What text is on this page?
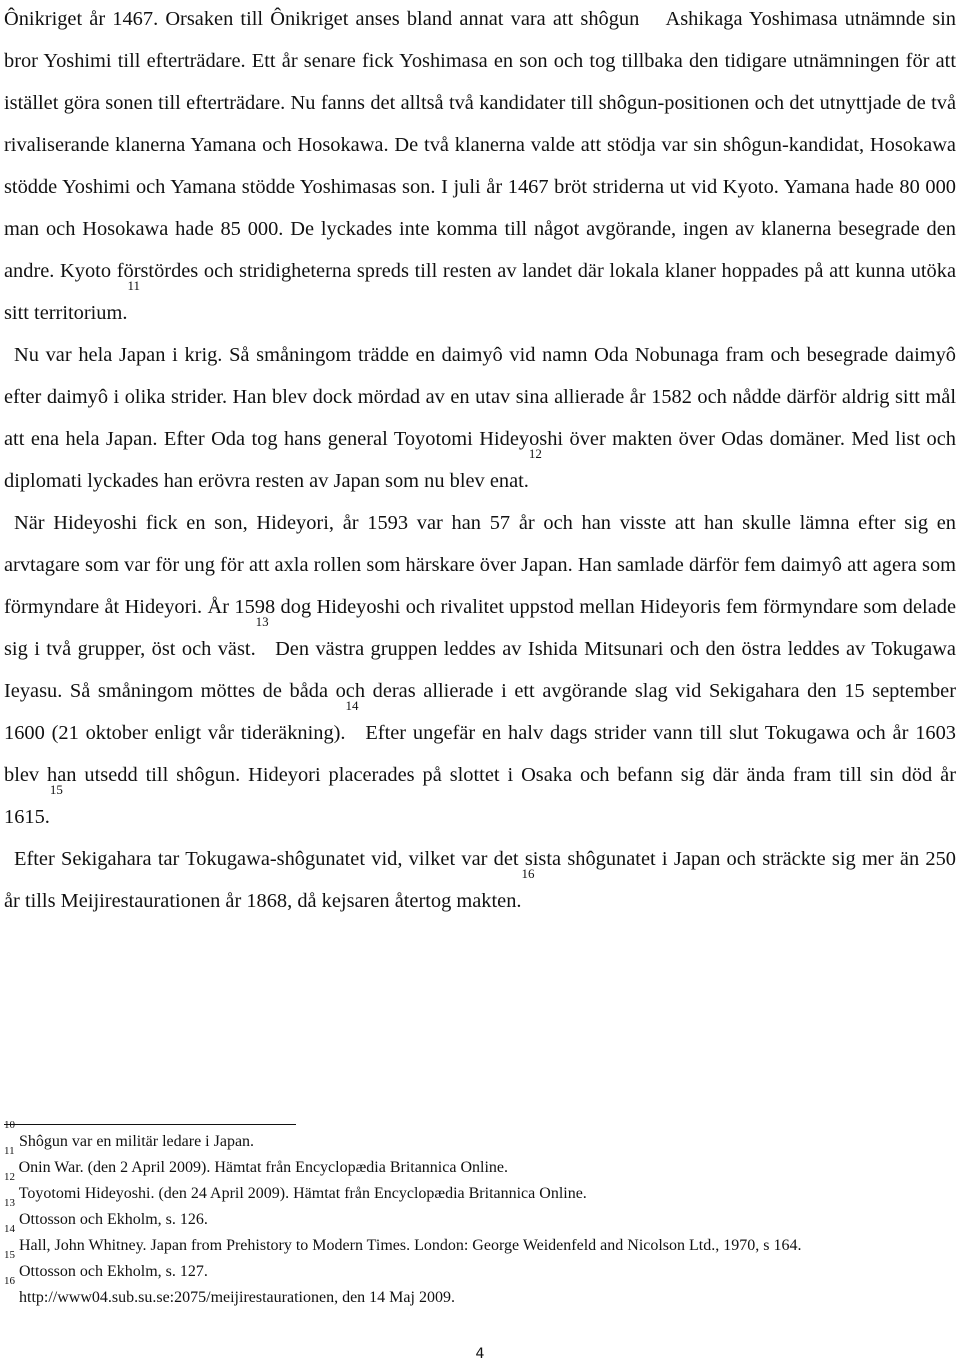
Ônikriget år 1467. Orsaken till Ônikriget anses bland annat vara att shôgun Ashikaga Yoshimasa utnämnde sin bror Yoshimi till efterträdare. Ett år senare fick Yoshimasa en son och tog tillbaka den tidigare utnämningen för att istället göra sonen till efterträdare. Nu fanns det alltså två kandidater till shôgun-positionen och det utnyttjade de två rivaliserande klanerna Yamana och Hosokawa. De två klanerna valde att stödja var sin shôgun-kandidat, Hosokawa stödde Yoshimi och Yamana stödde Yoshimasas son. I juli år 1467 bröt striderna ut vid Kyoto. Yamana hade 80 000 man och Hosokawa hade 85 000. De lyckades inte komma till något avgörande, ingen av klanerna besegrade den andre. Kyoto förstördes och stridigheterna spreds till resten av landet där lokala klaner hoppades på att kunna utöka sitt territorium.$^{11}$

Nu var hela Japan i krig. Så småningom trädde en daimyô vid namn Oda Nobunaga fram och besegrade daimyô efter daimyô i olika strider. Han blev dock mördad av en utav sina allierade år 1582 och nådde därför aldrig sitt mål att ena hela Japan. Efter Oda tog hans general Toyotomi Hideyoshi över makten över Odas domäner. Med list och diplomati lyckades han erövra resten av Japan som nu blev enat.$^{12}$

När Hideyoshi fick en son, Hideyori, år 1593 var han 57 år och han visste att han skulle lämna efter sig en arvtagare som var för ung för att axla rollen som härskare över Japan. Han samlade därför fem daimyô att agera som förmyndare åt Hideyori. År 1598 dog Hideyoshi och rivalitet uppstod mellan Hideyoris fem förmyndare som delade sig i två grupper, öst och väst.$^{13}$ Den västra gruppen leddes av Ishida Mitsunari och den östra leddes av Tokugawa Ieyasu. Så småningom möttes de båda och deras allierade i ett avgörande slag vid Sekigahara den 15 september 1600 (21 oktober enligt vår tideräkning).$^{14}$ Efter ungefär en halv dags strider vann till slut Tokugawa och år 1603 blev han utsedd till shôgun. Hideyori placerades på slottet i Osaka och befann sig där ända fram till sin död år 1615.15

Efter Sekigahara tar Tokugawa-shôgunatet vid, vilket var det sista shôgunatet i Japan och sträckte sig mer än 250 år tills Meijirestaurationen år 1868, då kejsaren återtog makten.$^{16}$

$^{10}$ Shôgun var en militär ledare i Japan.
$^{11}$ Onin War. (den 2 April 2009). Hämtat från Encyclopædia Britannica Online.
$^{12}$ Toyotomi Hideyoshi. (den 24 April 2009). Hämtat från Encyclopædia Britannica Online.
$^{13}$ Ottosson och Ekholm, s. 126.
$^{14}$ Hall, John Whitney. Japan from Prehistory to Modern Times. London: George Weidenfeld and Nicolson Ltd., 1970, s 164.
$^{15}$ Ottosson och Ekholm, s. 127.
$^{16}$ http://www04.sub.su.se:2075/meijirestaurationen, den 14 Maj 2009.
4
